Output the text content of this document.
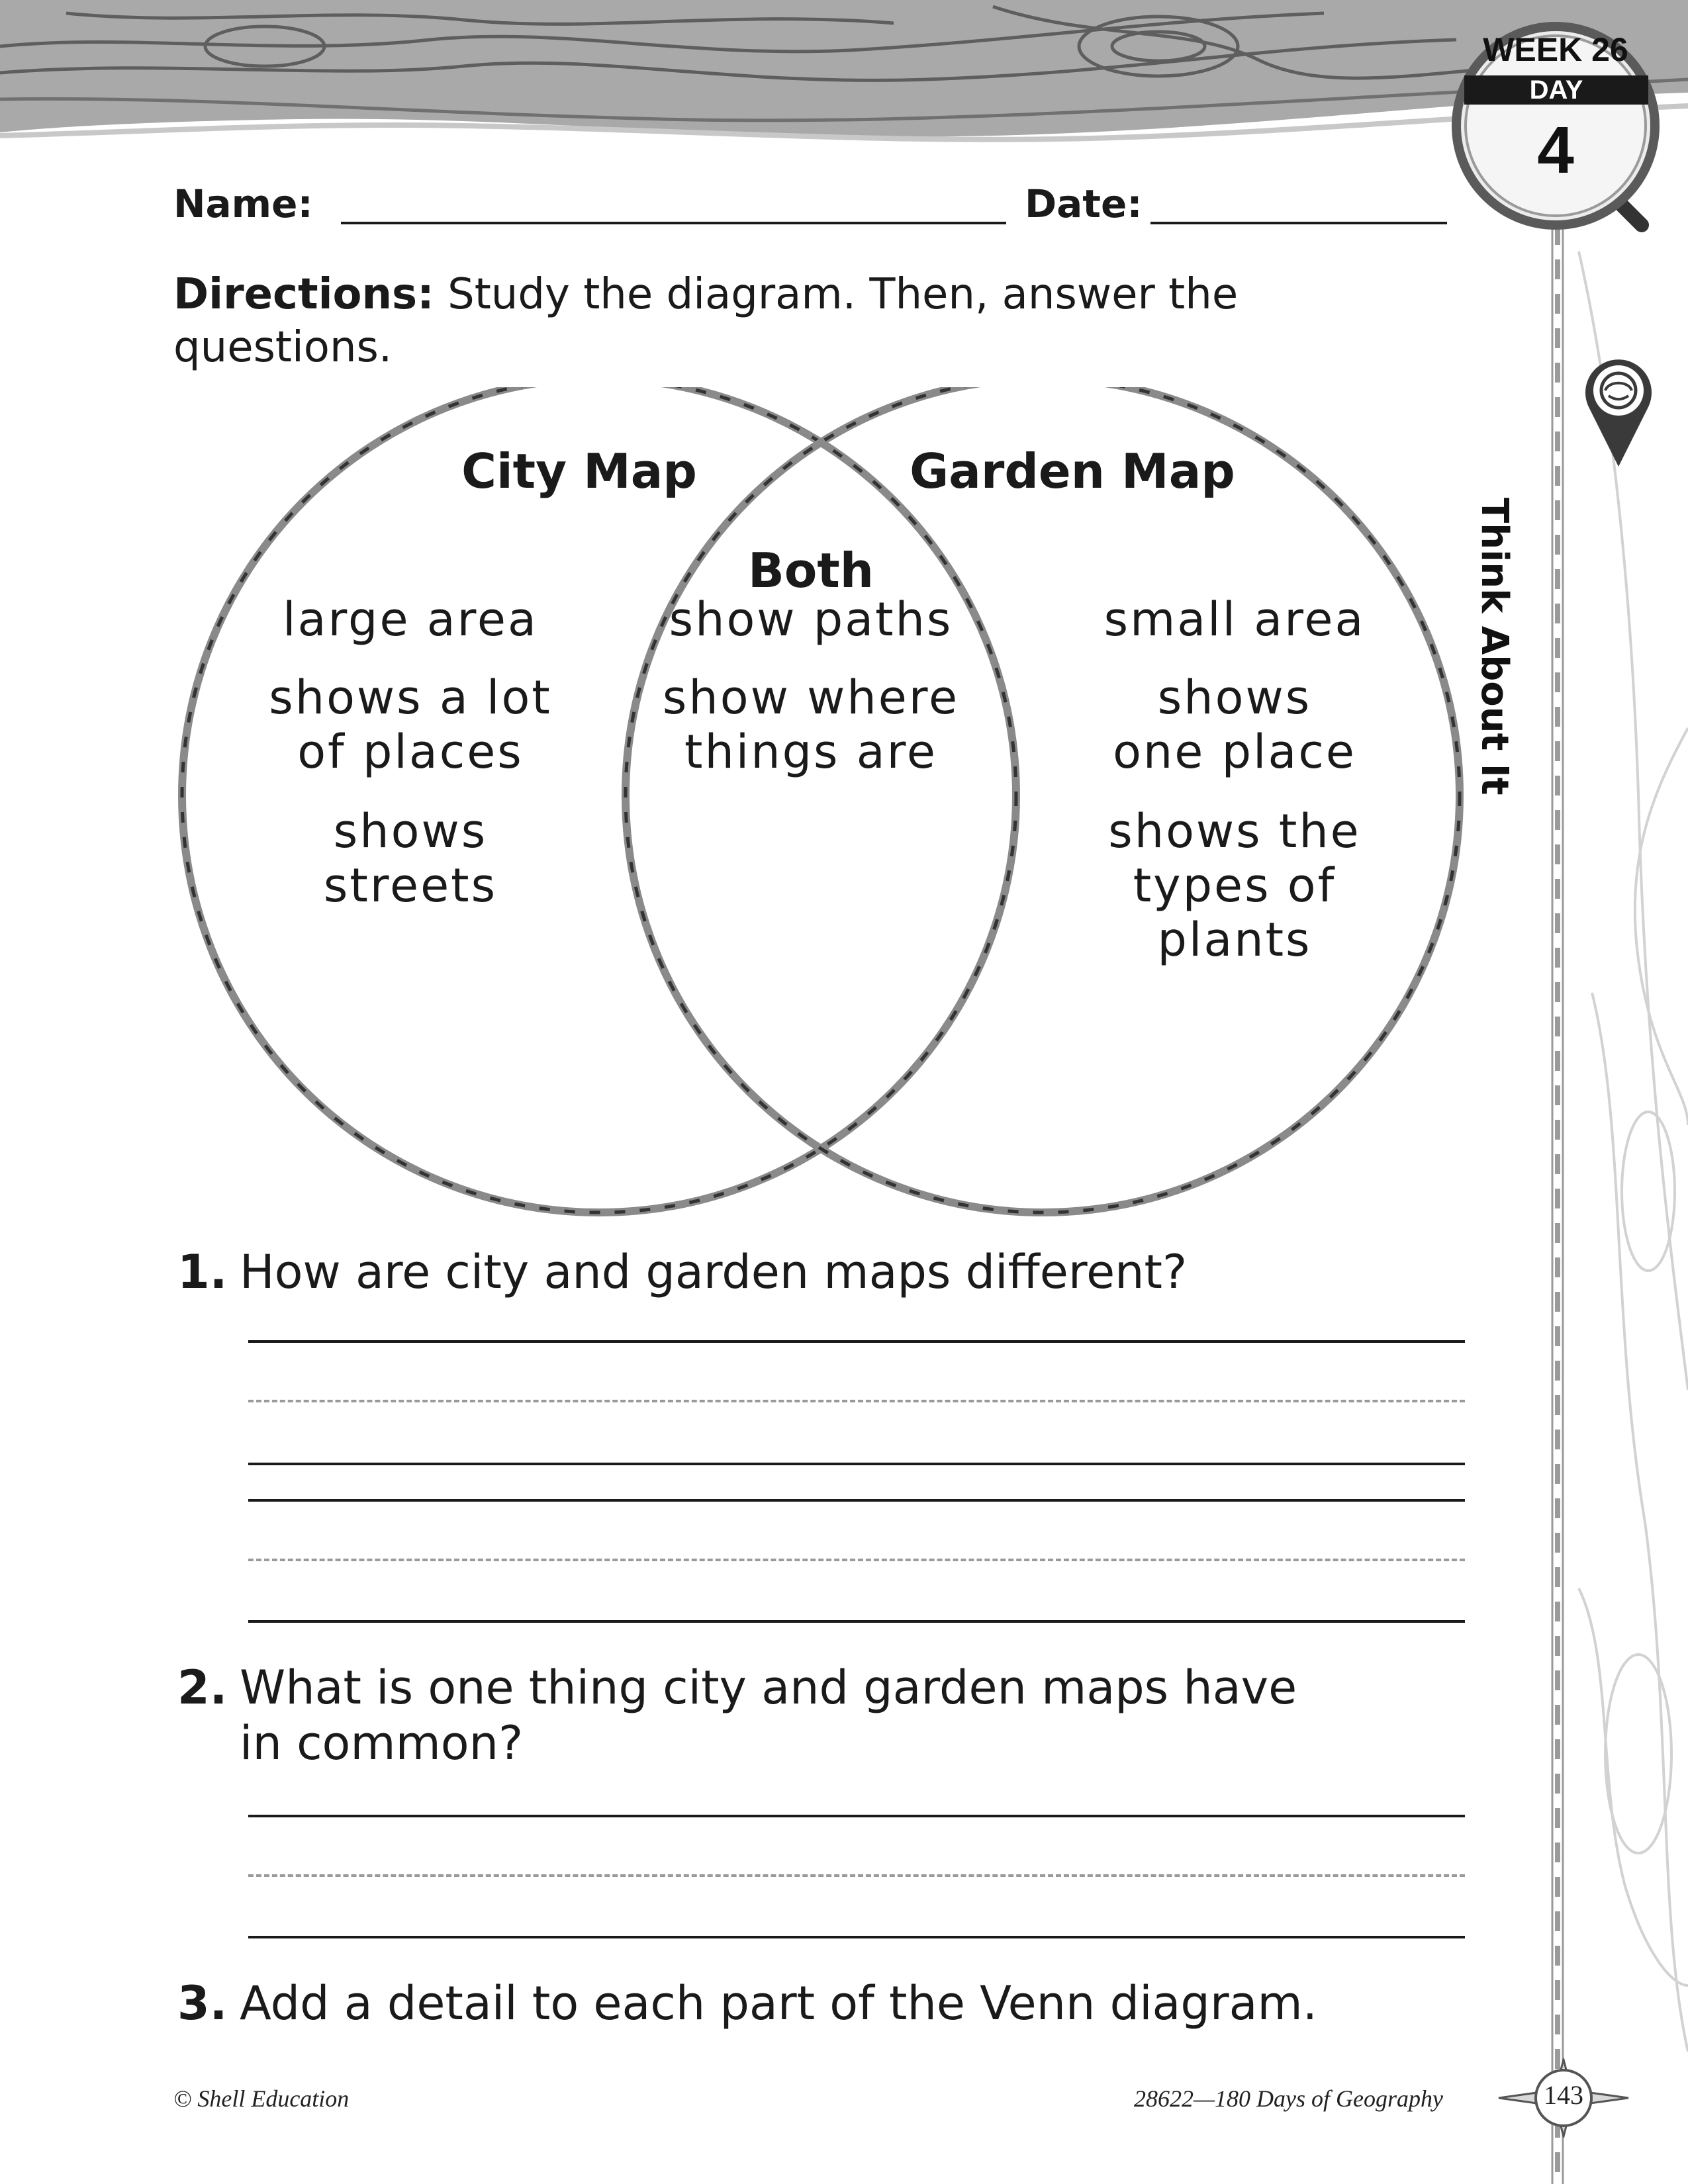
WEEK 26
DAY
4
Think About It
Name:	Date:
Directions: Study the diagram. Then, answer the questions.
City Map	Garden Map
Both
large area
shows a lot
of places
shows
streets
show paths
show where
things are
small area
shows
one place
shows the
types of
plants
1. How are city and garden maps different?
2. What is one thing city and garden maps have in common?
3. Add a detail to each part of the Venn diagram.
© Shell Education	28622—180 Days of Geography	143
